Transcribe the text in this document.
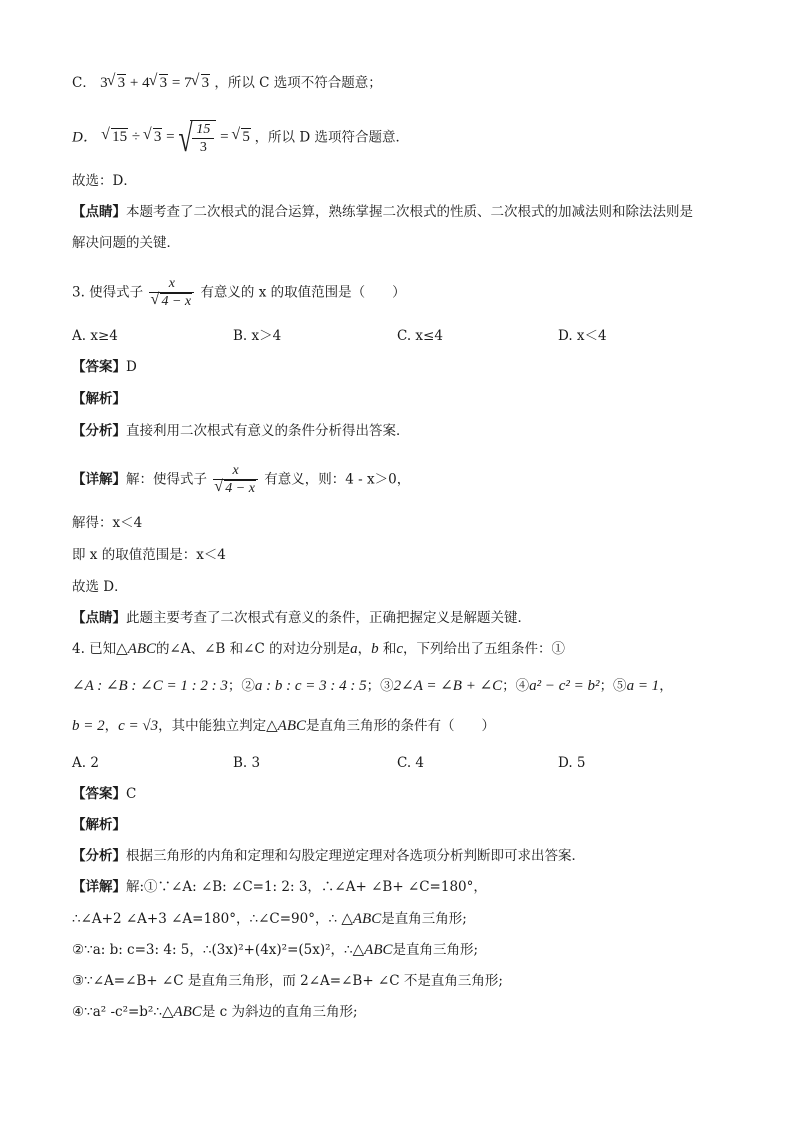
C． 3 √ 3 + 4 √ 3 = 7 √ 3 ，所以 C 选项不符合题意；
D． √ 15 ÷ √ 3 = √ $\frac{15}{3}$ = √ 5 ，所以 D 选项符合题意．
故选：D．
【点睛】本题考查了二次根式的混合运算，熟练掌握二次根式的性质、二次根式的加减法则和除法法则是
解决问题的关键．
3. 使得式子 x
√ 4 − x 有意义的 x 的取值范围是（　　）
A. x≥4	B. x＞4	C. x≤4	D. x＜4
【答案】D
【解析】
【分析】直接利用二次根式有意义的条件分析得出答案．
【详解】解：使得式子 x
√ 4 − x 有意义，则：4 - x＞0，
解得：x＜4
即 x 的取值范围是：x＜4
故选 D．
【点睛】此题主要考查了二次根式有意义的条件，正确把握定义是解题关键．
4. 已知△ABC的∠A、∠B 和∠C 的对边分别是a，b 和c，下列给出了五组条件：①
∠A : ∠B : ∠C = 1 : 2 : 3；②a : b : c = 3 : 4 : 5；③2∠A = ∠B + ∠C；④a² − c² = b²；⑤a = 1，
b = 2，c = √3，其中能独立判定△ABC是直角三角形的条件有（　　）
A. 2	B. 3	C. 4	D. 5
【答案】C
【解析】
【分析】根据三角形的内角和定理和勾股定理逆定理对各选项分析判断即可求出答案．
【详解】解:①∵∠A: ∠B: ∠C=1: 2: 3，∴∠A+ ∠B+ ∠C=180°，
∴∠A+2 ∠A+3 ∠A=180°，∴∠C=90°，∴ △ABC是直角三角形;
②∵a: b: c=3: 4: 5，∴(3x)²+(4x)²=(5x)²，∴△ABC是直角三角形;
③∵∠A=∠B+ ∠C 是直角三角形，而 2∠A=∠B+ ∠C 不是直角三角形;
④∵a² -c²=b²∴△ABC是 c 为斜边的直角三角形;
